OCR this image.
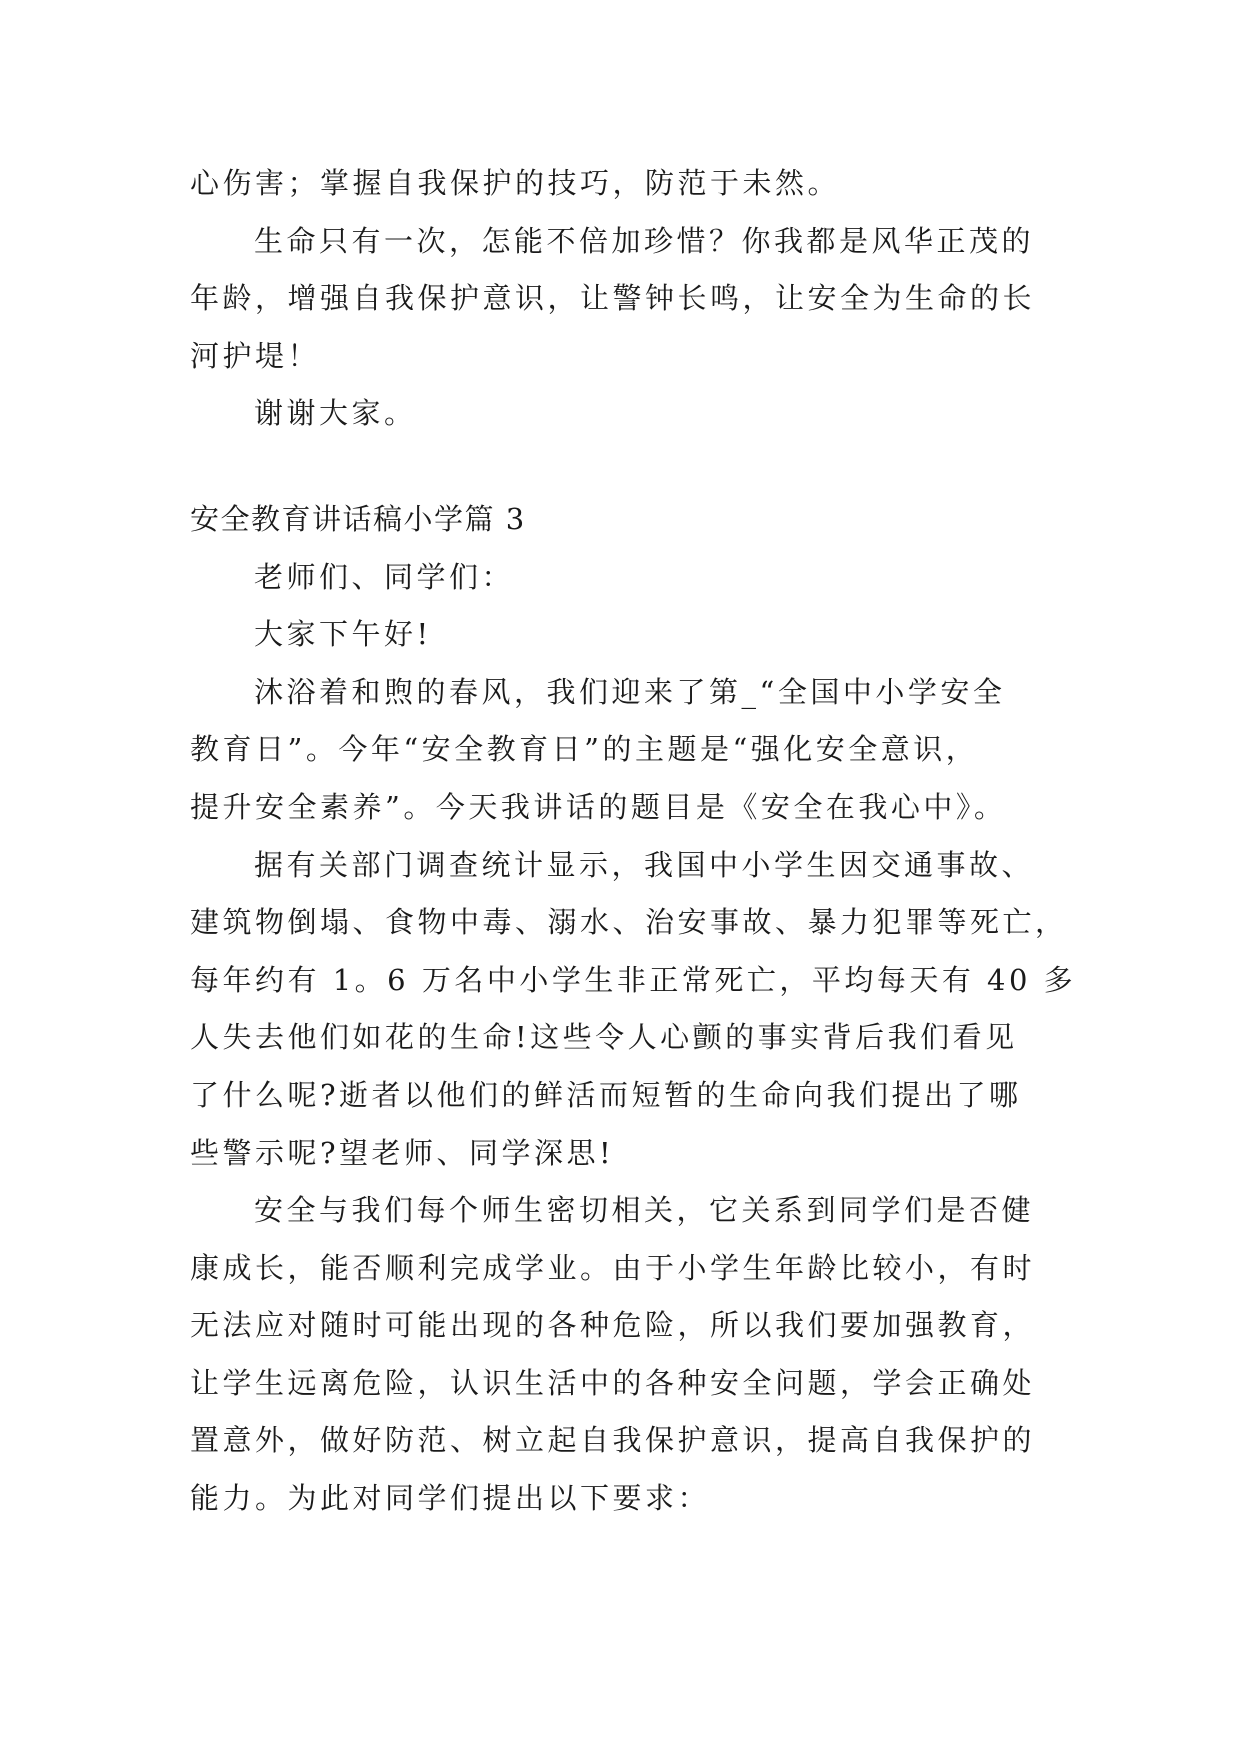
心伤害；掌握自我保护的技巧，防范于未然。
生命只有一次，怎能不倍加珍惜？你我都是风华正茂的
年龄，增强自我保护意识，让警钟长鸣，让安全为生命的长
河护堤！
谢谢大家。
安全教育讲话稿小学篇 3
老师们、同学们：
大家下午好!
沐浴着和煦的春风，我们迎来了第_“全国中小学安全
教育日”。今年“安全教育日”的主题是“强化安全意识，
提升安全素养”。今天我讲话的题目是《安全在我心中》。
据有关部门调查统计显示，我国中小学生因交通事故、
建筑物倒塌、食物中毒、溺水、治安事故、暴力犯罪等死亡，
每年约有 1。6 万名中小学生非正常死亡，平均每天有 40 多
人失去他们如花的生命!这些令人心颤的事实背后我们看见
了什么呢?逝者以他们的鲜活而短暂的生命向我们提出了哪
些警示呢?望老师、同学深思!
安全与我们每个师生密切相关，它关系到同学们是否健
康成长，能否顺利完成学业。由于小学生年龄比较小，有时
无法应对随时可能出现的各种危险，所以我们要加强教育，
让学生远离危险，认识生活中的各种安全问题，学会正确处
置意外，做好防范、树立起自我保护意识，提高自我保护的
能力。为此对同学们提出以下要求：
